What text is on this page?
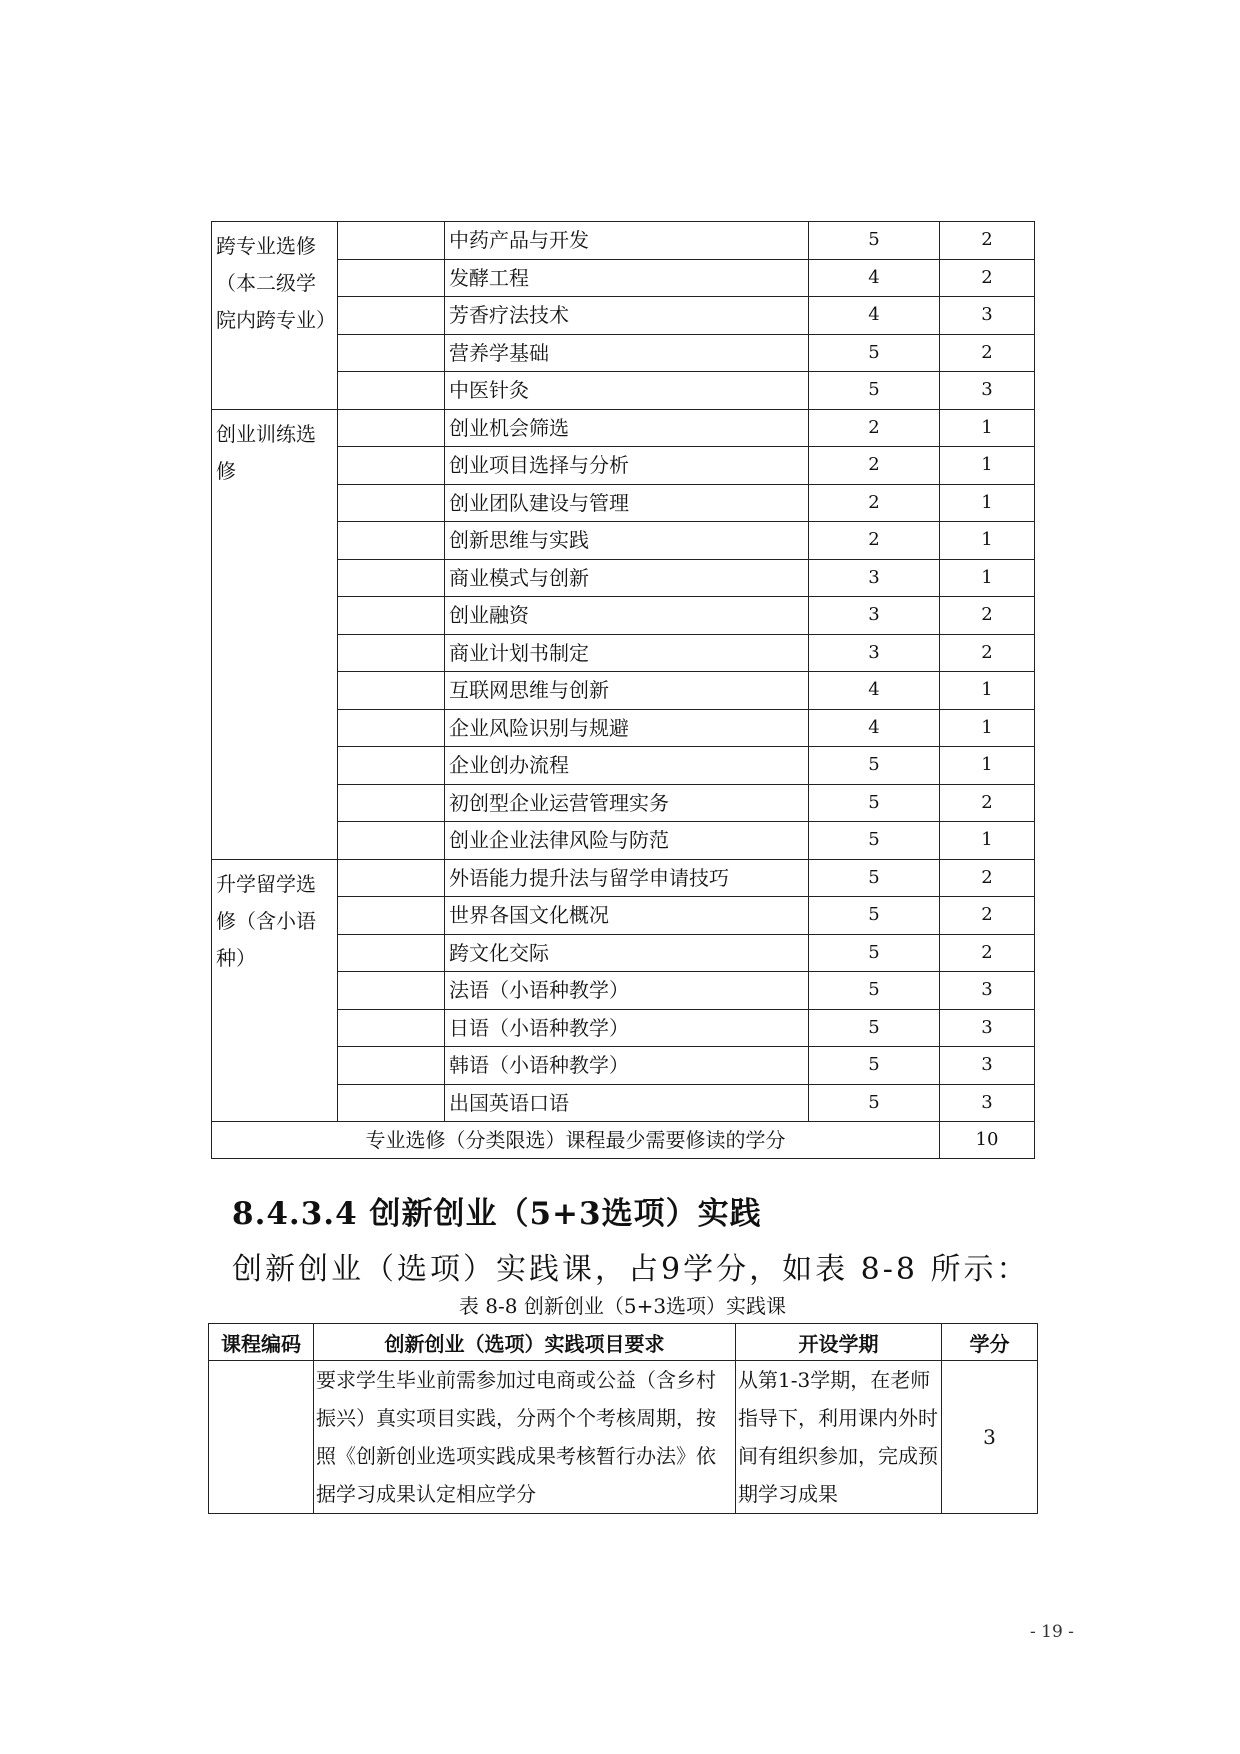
跨专业选修（本二级学院内跨专业）		中药产品与开发	5	2
		发酵工程	4	2
		芳香疗法技术	4	3
		营养学基础	5	2
		中医针灸	5	3
创业训练选修		创业机会筛选	2	1
		创业项目选择与分析	2	1
		创业团队建设与管理	2	1
		创新思维与实践	2	1
		商业模式与创新	3	1
		创业融资	3	2
		商业计划书制定	3	2
		互联网思维与创新	4	1
		企业风险识别与规避	4	1
		企业创办流程	5	1
		初创型企业运营管理实务	5	2
		创业企业法律风险与防范	5	1
升学留学选修（含小语种）		外语能力提升法与留学申请技巧	5	2
		世界各国文化概况	5	2
		跨文化交际	5	2
		法语（小语种教学）	5	3
		日语（小语种教学）	5	3
		韩语（小语种教学）	5	3
		出国英语口语	5	3
专业选修（分类限选）课程最少需要修读的学分				10
8.4.3.4 创新创业（5+3选项）实践

创新创业（选项）实践课，占9学分，如表 8-8 所示：

表 8-8 创新创业（5+3选项）实践课

课程编码	创新创业（选项）实践项目要求	开设学期	学分
	要求学生毕业前需参加过电商或公益（含乡村振兴）真实项目实践，分两个个考核周期，按照《创新创业选项实践成果考核暂行办法》依据学习成果认定相应学分	从第1-3学期，在老师指导下，利用课内外时间有组织参加，完成预期学习成果	3

- 19 -
